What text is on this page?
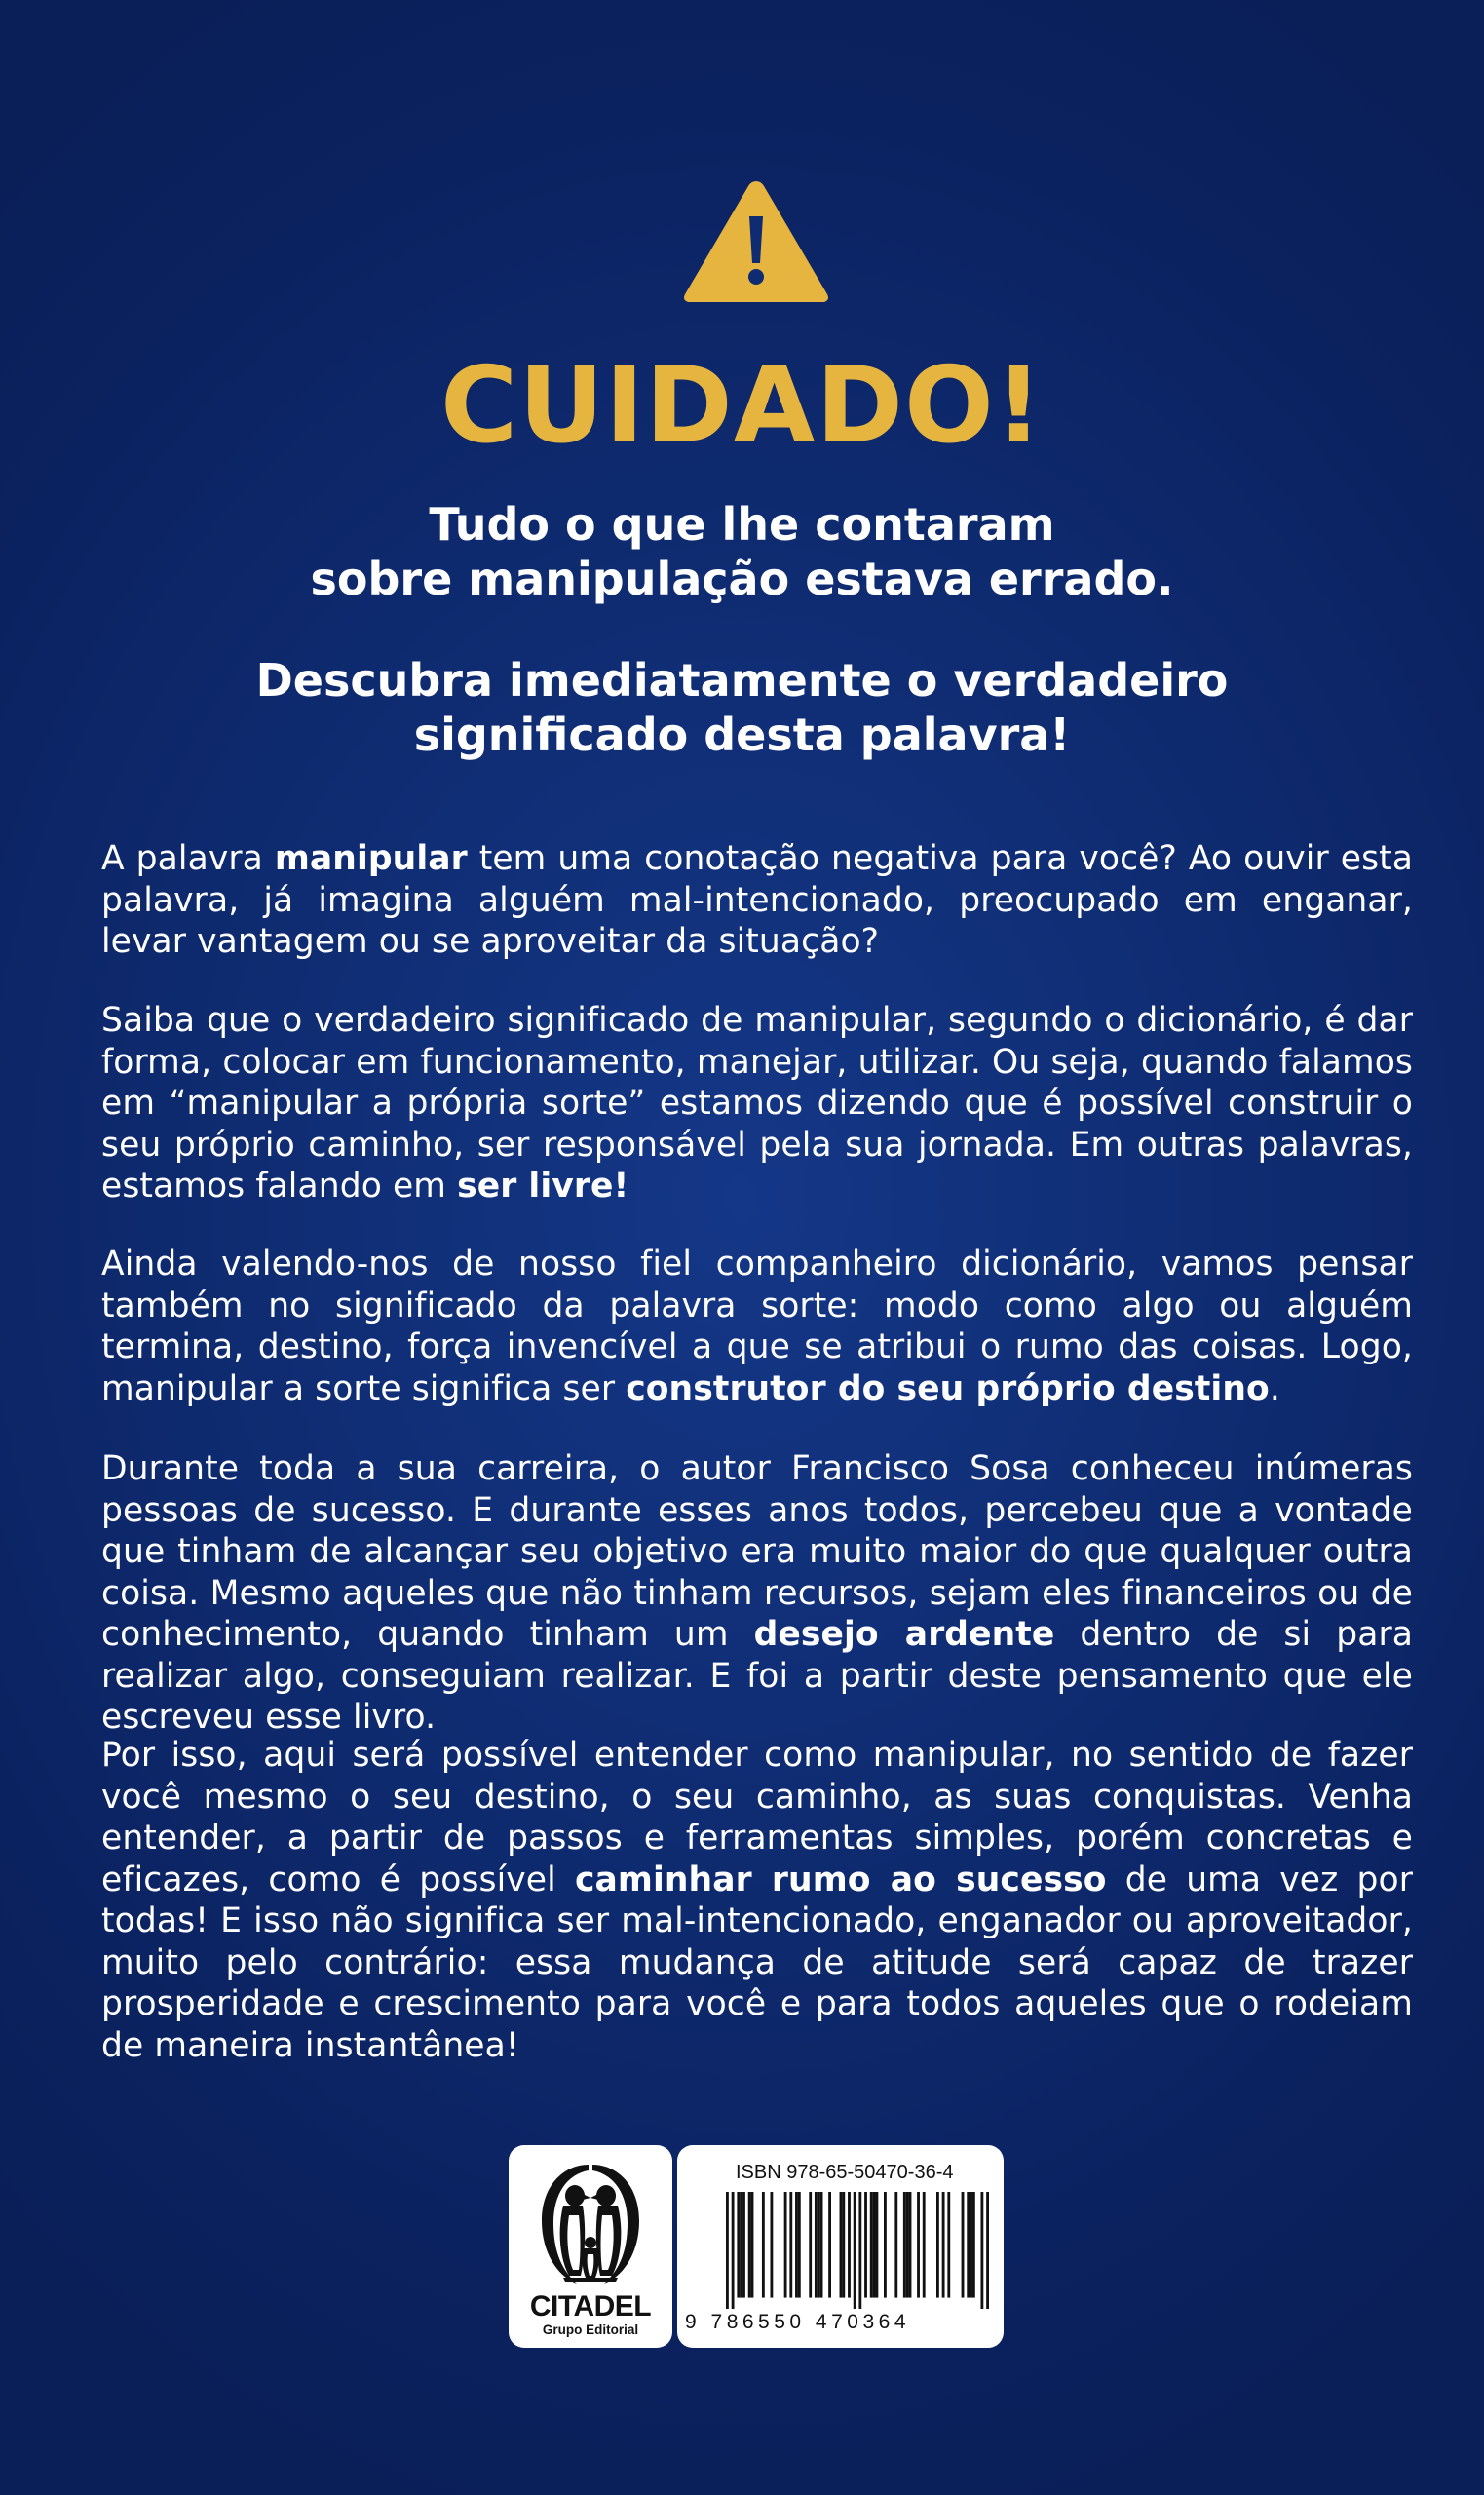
CUIDADO!
Tudo o que lhe contaram
sobre manipulação estava errado.
Descubra imediatamente o verdadeiro
significado desta palavra!

A palavra manipular tem uma conotação negativa para você? Ao ouvir esta palavra, já imagina alguém mal-intencionado, preocupado em enganar, levar vantagem ou se aproveitar da situação?

Saiba que o verdadeiro significado de manipular, segundo o dicionário, é dar forma, colocar em funcionamento, manejar, utilizar. Ou seja, quando falamos em “manipular a própria sorte” estamos dizendo que é possível construir o seu próprio caminho, ser responsável pela sua jornada. Em outras palavras, estamos falando em ser livre!

Ainda valendo-nos de nosso fiel companheiro dicionário, vamos pensar também no significado da palavra sorte: modo como algo ou alguém termina, destino, força invencível a que se atribui o rumo das coisas. Logo, manipular a sorte significa ser construtor do seu próprio destino.

Durante toda a sua carreira, o autor Francisco Sosa conheceu inúmeras pessoas de sucesso. E durante esses anos todos, percebeu que a vontade que tinham de alcançar seu objetivo era muito maior do que qualquer outra coisa. Mesmo aqueles que não tinham recursos, sejam eles financeiros ou de conhecimento, quando tinham um desejo ardente dentro de si para realizar algo, conseguiam realizar. E foi a partir deste pensamento que ele escreveu esse livro.

Por isso, aqui será possível entender como manipular, no sentido de fazer você mesmo o seu destino, o seu caminho, as suas conquistas. Venha entender, a partir de passos e ferramentas simples, porém concretas e eficazes, como é possível caminhar rumo ao sucesso de uma vez por todas! E isso não significa ser mal-intencionado, enganador ou aproveitador, muito pelo contrário: essa mudança de atitude será capaz de trazer prosperidade e crescimento para você e para todos aqueles que o rodeiam de maneira instantânea!

CITADEL
Grupo Editorial
ISBN 978-65-50470-36-4
9 786550 470364
